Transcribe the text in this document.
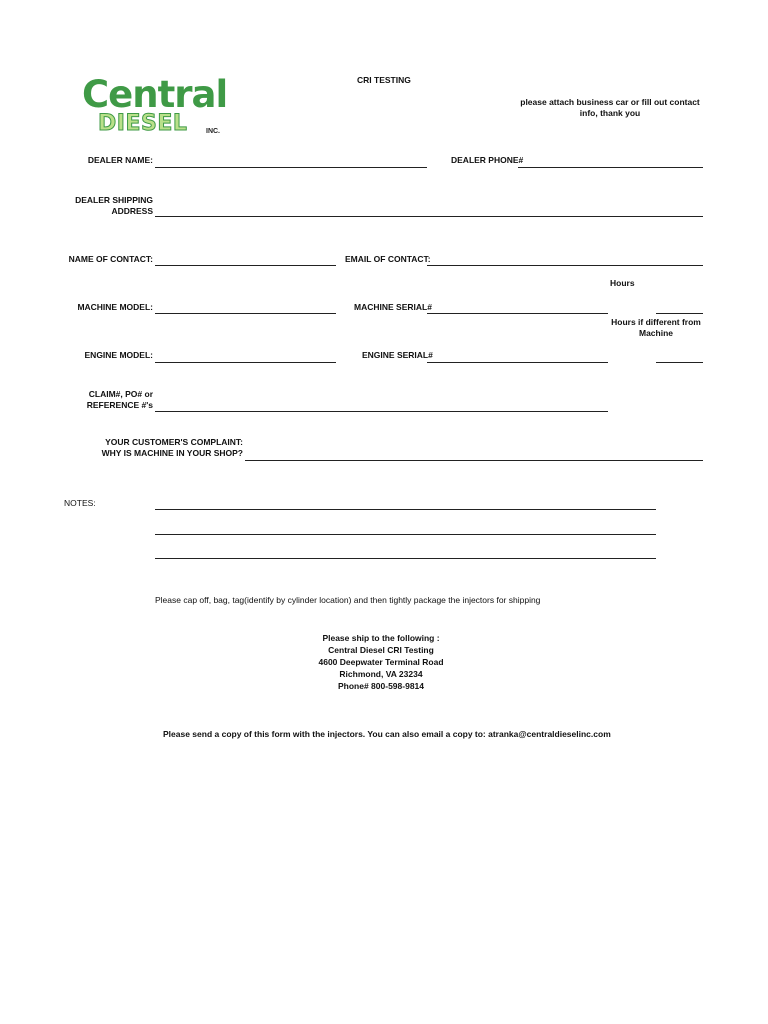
Central
DIESEL	INC.
CRI TESTING
please attach business car or fill out contact
info, thank you
DEALER NAME:	DEALER PHONE#
DEALER SHIPPING
ADDRESS
NAME OF CONTACT:	EMAIL OF CONTACT:
Hours
MACHINE MODEL:	MACHINE SERIAL#
Hours if different from
Machine
ENGINE MODEL:	ENGINE SERIAL#
CLAIM#, PO# or
REFERENCE #'s
YOUR CUSTOMER'S COMPLAINT:
WHY IS MACHINE IN YOUR SHOP?
NOTES:
Please cap off, bag, tag(identify by cylinder location) and then tightly package the injectors for shipping
Please ship to the following :
Central Diesel CRI Testing
4600 Deepwater Terminal Road
Richmond, VA 23234
Phone# 800-598-9814
Please send a copy of this form with the injectors. You can also email a copy to: atranka@centraldieselinc.com
